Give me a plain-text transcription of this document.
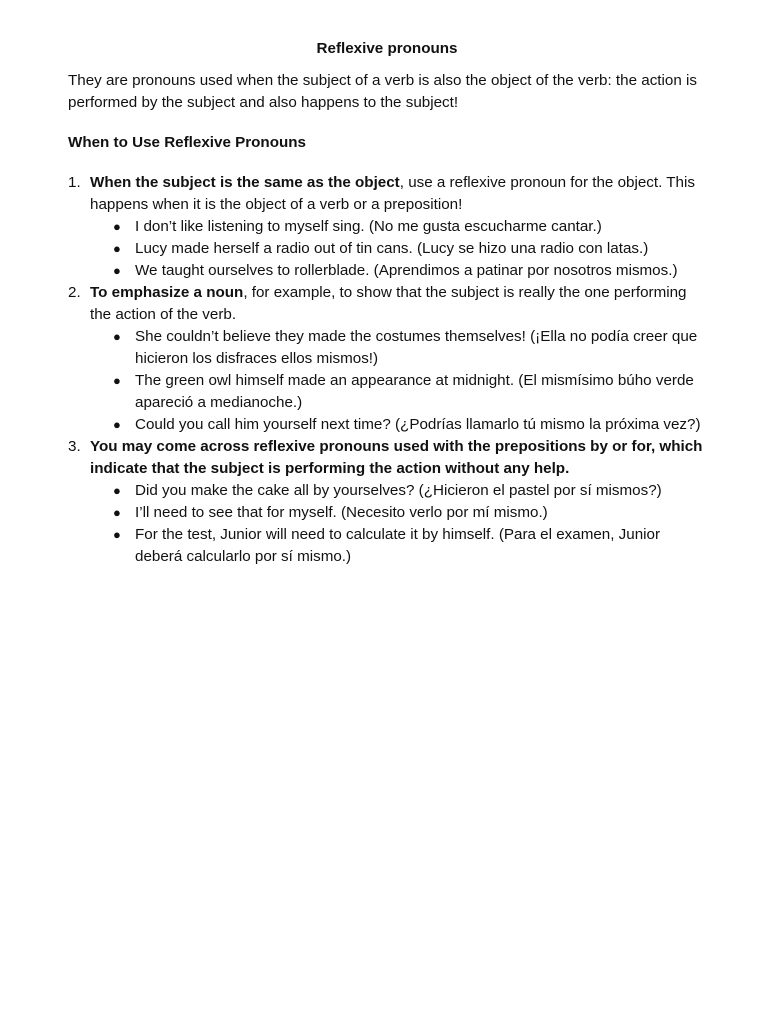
Reflexive pronouns

They are pronouns used when the subject of a verb is also the object of the verb: the action is performed by the subject and also happens to the subject!

When to Use Reflexive Pronouns
1. When the subject is the same as the object, use a reflexive pronoun for the object. This happens when it is the object of a verb or a preposition!
● I don’t like listening to myself sing. (No me gusta escucharme cantar.)
● Lucy made herself a radio out of tin cans. (Lucy se hizo una radio con latas.)
● We taught ourselves to rollerblade. (Aprendimos a patinar por nosotros mismos.)
2. To emphasize a noun, for example, to show that the subject is really the one performing the action of the verb.
● She couldn’t believe they made the costumes themselves! (¡Ella no podía creer que hicieron los disfraces ellos mismos!)
● The green owl himself made an appearance at midnight. (El mismísimo búho verde apareció a medianoche.)
● Could you call him yourself next time? (¿Podrías llamarlo tú mismo la próxima vez?)
3. You may come across reflexive pronouns used with the prepositions by or for, which indicate that the subject is performing the action without any help.
● Did you make the cake all by yourselves? (¿Hicieron el pastel por sí mismos?)
● I’ll need to see that for myself. (Necesito verlo por mí mismo.)
● For the test, Junior will need to calculate it by himself. (Para el examen, Junior deberá calcularlo por sí mismo.)
